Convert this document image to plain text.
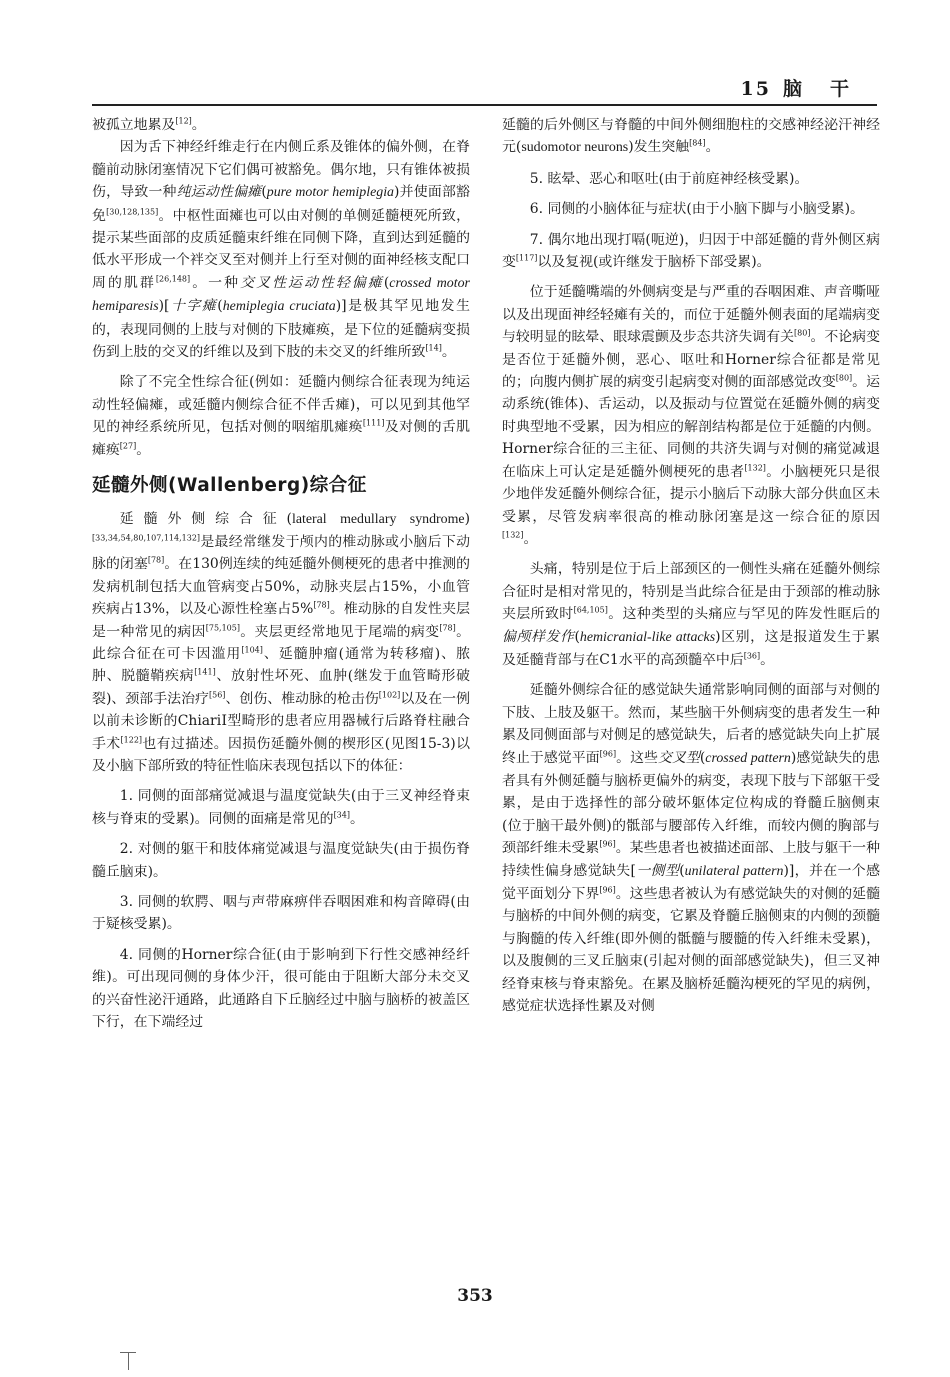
15 脑干

被孤立地累及[12]。

因为舌下神经纤维走行在内侧丘系及锥体的偏外侧，在脊髓前动脉闭塞情况下它们偶可被豁免。偶尔地，只有锥体被损伤，导致一种纯运动性偏瘫(pure motor hemiplegia)并使面部豁免[30,128,135]。中枢性面瘫也可以由对侧的单侧延髓梗死所致，提示某些面部的皮质延髓束纤维在同侧下降，直到达到延髓的低水平形成一个袢交叉至对侧并上行至对侧的面神经核支配口周的肌群[26,148]。一种交叉性运动性轻偏瘫(crossed motor hemiparesis)[十字瘫(hemiplegia cruciata)]是极其罕见地发生的，表现同侧的上肢与对侧的下肢瘫痪，是下位的延髓病变损伤到上肢的交叉的纤维以及到下肢的未交叉的纤维所致[14]。

除了不完全性综合征(例如：延髓内侧综合征表现为纯运动性轻偏瘫，或延髓内侧综合征不伴舌瘫)，可以见到其他罕见的神经系统所见，包括对侧的咽缩肌瘫痪[111]及对侧的舌肌瘫痪[27]。

延髓外侧(Wallenberg)综合征

延髓外侧综合征(lateral medullary syndrome)[33,34,54,80,107,114,132]是最经常继发于颅内的椎动脉或小脑后下动脉的闭塞[78]。在130例连续的纯延髓外侧梗死的患者中推测的发病机制包括大血管病变占50%，动脉夹层占15%，小血管疾病占13%，以及心源性栓塞占5%[78]。椎动脉的自发性夹层是一种常见的病因[75,105]。夹层更经常地见于尾端的病变[78]。此综合征在可卡因滥用[104]、延髓肿瘤(通常为转移瘤)、脓肿、脱髓鞘疾病[141]、放射性坏死、血肿(继发于血管畸形破裂)、颈部手法治疗[56]、创伤、椎动脉的枪击伤[102]以及在一例以前未诊断的ChiariⅠ型畸形的患者应用器械行后路脊柱融合手术[122]也有过描述。因损伤延髓外侧的楔形区(见图15-3)以及小脑下部所致的特征性临床表现包括以下的体征：

1. 同侧的面部痛觉减退与温度觉缺失(由于三叉神经脊束核与脊束的受累)。同侧的面痛是常见的[34]。

2. 对侧的躯干和肢体痛觉减退与温度觉缺失(由于损伤脊髓丘脑束)。

3. 同侧的软腭、咽与声带麻痹伴吞咽困难和构音障碍(由于疑核受累)。

4. 同侧的Horner综合征(由于影响到下行性交感神经纤维)。可出现同侧的身体少汗，很可能由于阻断大部分未交叉的兴奋性泌汗通路，此通路自下丘脑经过中脑与脑桥的被盖区下行，在下端经过

延髓的后外侧区与脊髓的中间外侧细胞柱的交感神经泌汗神经元(sudomotor neurons)发生突触[84]。

5. 眩晕、恶心和呕吐(由于前庭神经核受累)。

6. 同侧的小脑体征与症状(由于小脑下脚与小脑受累)。

7. 偶尔地出现打嗝(呃逆)，归因于中部延髓的背外侧区病变[117]以及复视(或许继发于脑桥下部受累)。

位于延髓嘴端的外侧病变是与严重的吞咽困难、声音嘶哑以及出现面神经轻瘫有关的，而位于延髓外侧表面的尾端病变与较明显的眩晕、眼球震颤及步态共济失调有关[80]。不论病变是否位于延髓外侧，恶心、呕吐和Horner综合征都是常见的；向腹内侧扩展的病变引起病变对侧的面部感觉改变[80]。运动系统(锥体)、舌运动，以及振动与位置觉在延髓外侧的病变时典型地不受累，因为相应的解剖结构都是位于延髓的内侧。Horner综合征的三主征、同侧的共济失调与对侧的痛觉减退在临床上可认定是延髓外侧梗死的患者[132]。小脑梗死只是很少地伴发延髓外侧综合征，提示小脑后下动脉大部分供血区未受累，尽管发病率很高的椎动脉闭塞是这一综合征的原因[132]。

头痛，特别是位于后上部颈区的一侧性头痛在延髓外侧综合征时是相对常见的，特别是当此综合征是由于颈部的椎动脉夹层所致时[64,105]。这种类型的头痛应与罕见的阵发性眶后的偏颅样发作(hemicranial-like attacks)区别，这是报道发生于累及延髓背部与在C1水平的高颈髓卒中后[36]。

延髓外侧综合征的感觉缺失通常影响同侧的面部与对侧的下肢、上肢及躯干。然而，某些脑干外侧病变的患者发生一种累及同侧面部与对侧足的感觉缺失，后者的感觉缺失向上扩展终止于感觉平面[96]。这些交叉型(crossed pattern)感觉缺失的患者具有外侧延髓与脑桥更偏外的病变，表现下肢与下部躯干受累，是由于选择性的部分破坏躯体定位构成的脊髓丘脑侧束(位于脑干最外侧)的骶部与腰部传入纤维，而较内侧的胸部与颈部纤维未受累[96]。某些患者也被描述面部、上肢与躯干一种持续性偏身感觉缺失[一侧型(unilateral pattern)]，并在一个感觉平面划分下界[96]。这些患者被认为有感觉缺失的对侧的延髓与脑桥的中间外侧的病变，它累及脊髓丘脑侧束的内侧的颈髓与胸髓的传入纤维(即外侧的骶髓与腰髓的传入纤维未受累)，以及腹侧的三叉丘脑束(引起对侧的面部感觉缺失)，但三叉神经脊束核与脊束豁免。在累及脑桥延髓沟梗死的罕见的病例，感觉症状选择性累及对侧

353
